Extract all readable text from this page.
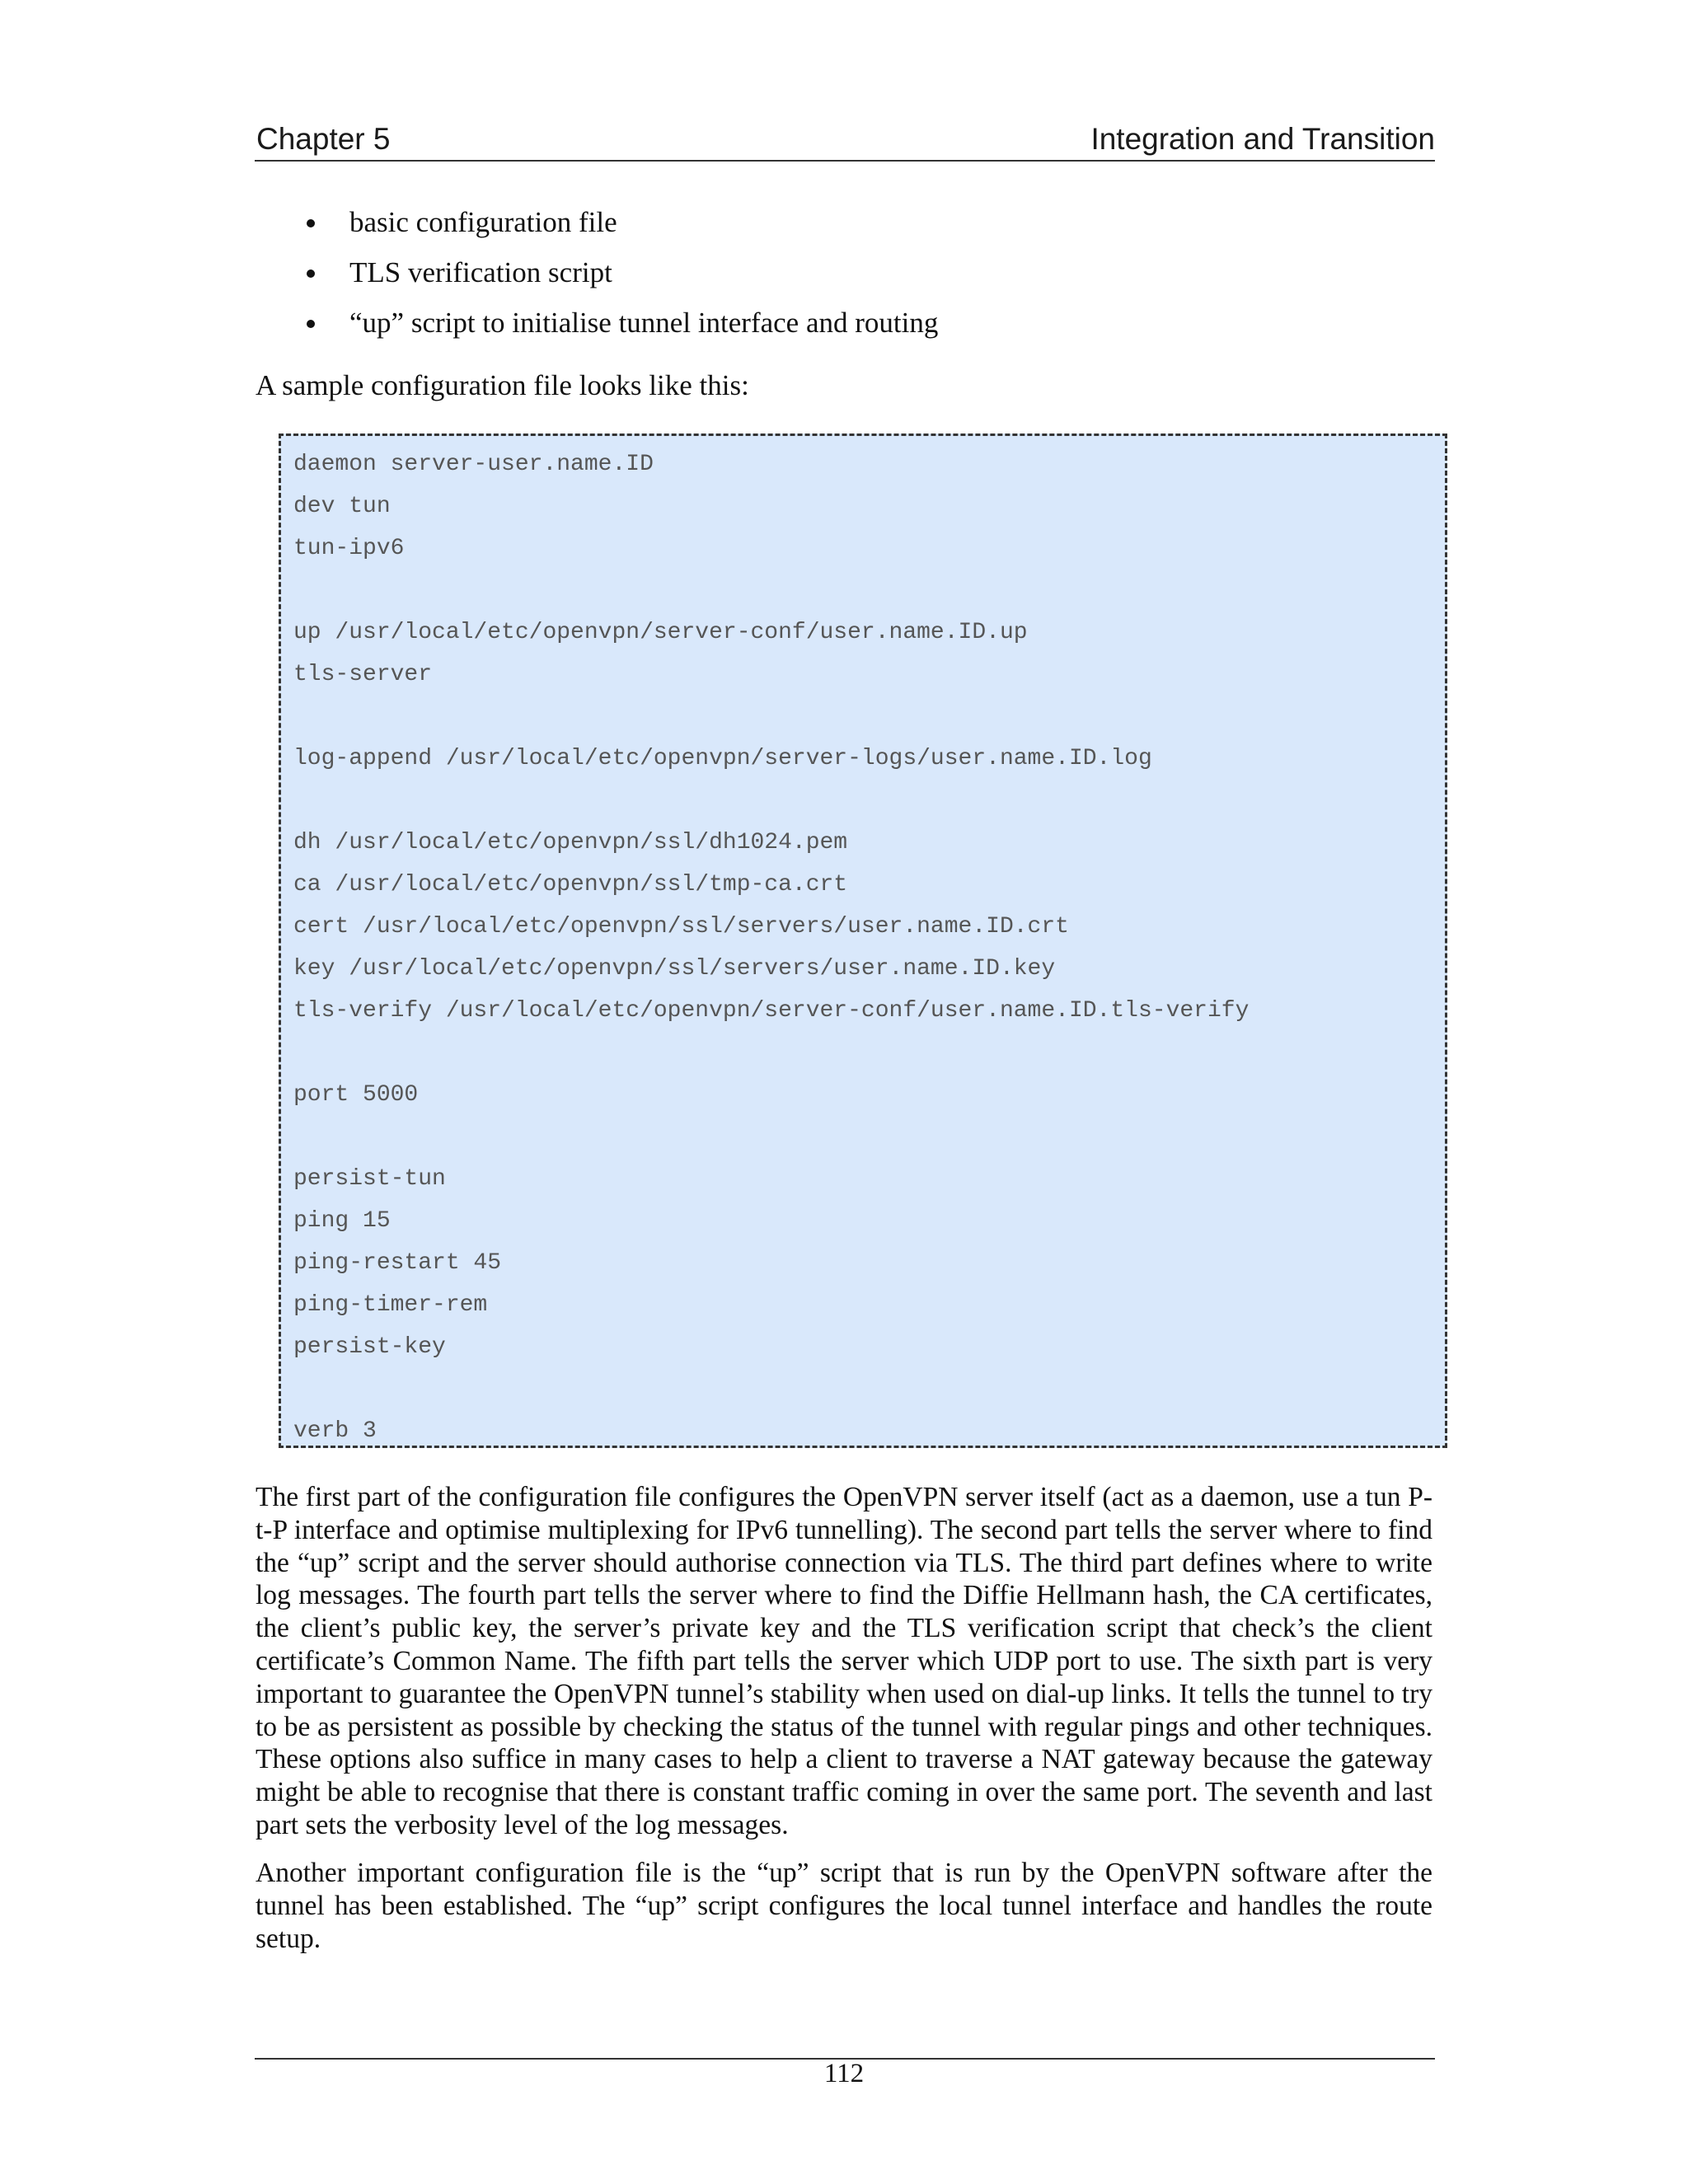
Chapter 5	Integration and Transition
basic configuration file
TLS verification script
“up” script to initialise tunnel interface and routing
A sample configuration file looks like this:
daemon server-user.name.ID
dev tun
tun-ipv6
up /usr/local/etc/openvpn/server-conf/user.name.ID.up
tls-server
log-append /usr/local/etc/openvpn/server-logs/user.name.ID.log
dh /usr/local/etc/openvpn/ssl/dh1024.pem
ca /usr/local/etc/openvpn/ssl/tmp-ca.crt
cert /usr/local/etc/openvpn/ssl/servers/user.name.ID.crt
key /usr/local/etc/openvpn/ssl/servers/user.name.ID.key
tls-verify /usr/local/etc/openvpn/server-conf/user.name.ID.tls-verify
port 5000
persist-tun
ping 15
ping-restart 45
ping-timer-rem
persist-key
verb 3

The first part of the configuration file configures the OpenVPN server itself (act as a daemon, use a tun P-t-P interface and optimise multiplexing for IPv6 tunnelling). The second part tells the server where to find the “up” script and the server should authorise connection via TLS. The third part defines where to write log messages. The fourth part tells the server where to find the Diffie Hellmann hash, the CA certificates, the client’s public key, the server’s private key and the TLS verification script that check’s the client certificate’s Common Name. The fifth part tells the server which UDP port to use. The sixth part is very important to guarantee the OpenVPN tunnel’s stability when used on dial-up links. It tells the tunnel to try to be as persistent as possible by checking the status of the tunnel with regular pings and other techniques. These options also suffice in many cases to help a client to traverse a NAT gateway because the gateway might be able to recognise that there is constant traffic coming in over the same port. The seventh and last part sets the verbosity level of the log messages.

Another important configuration file is the “up” script that is run by the OpenVPN software after the tunnel has been established. The “up” script configures the local tunnel interface and handles the route setup.

112
